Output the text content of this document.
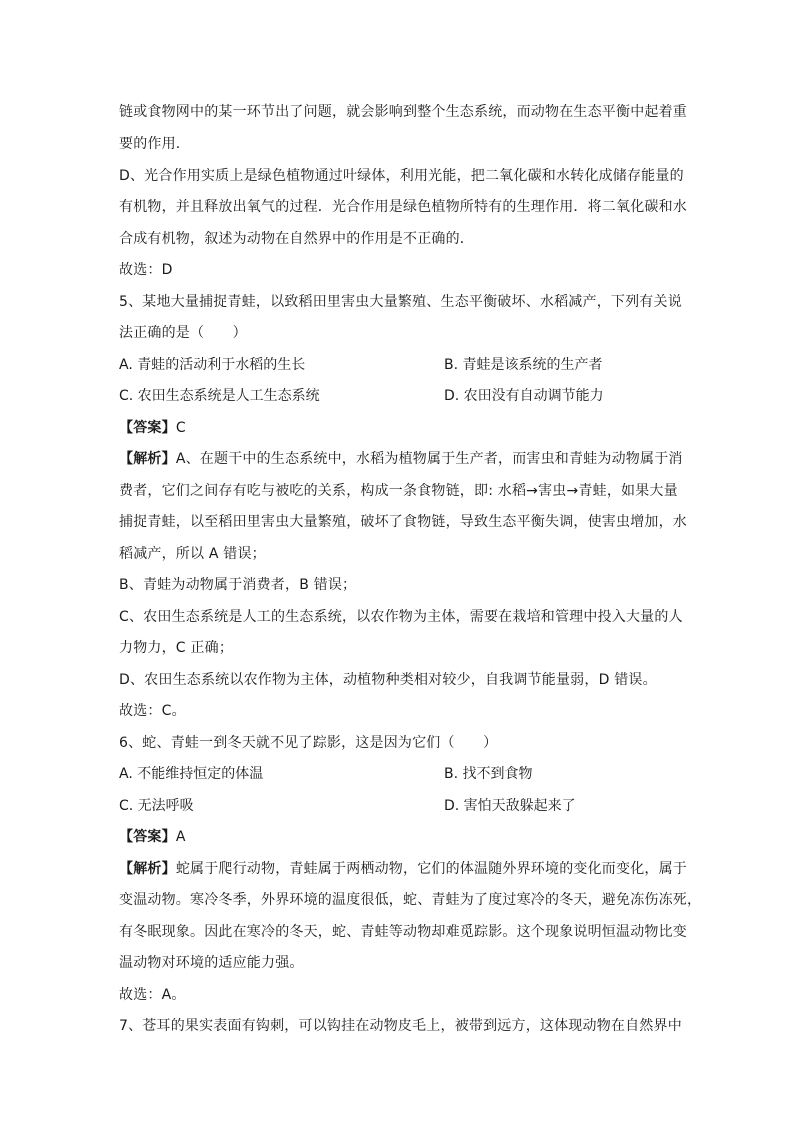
链或食物网中的某一环节出了问题，就会影响到整个生态系统，而动物在生态平衡中起着重
要的作用.
D、光合作用实质上是绿色植物通过叶绿体，利用光能，把二氧化碳和水转化成储存能量的
有机物，并且释放出氧气的过程．光合作用是绿色植物所特有的生理作用．将二氧化碳和水
合成有机物，叙述为动物在自然界中的作用是不正确的．
故选：D
5、某地大量捕捉青蛙，以致稻田里害虫大量繁殖、生态平衡破坏、水稻减产，下列有关说
法正确的是（　　）
A. 青蛙的活动利于水稻的生长	B. 青蛙是该系统的生产者
C. 农田生态系统是人工生态系统	D. 农田没有自动调节能力
【答案】C
【解析】A、在题干中的生态系统中，水稻为植物属于生产者，而害虫和青蛙为动物属于消
费者，它们之间存有吃与被吃的关系，构成一条食物链，即: 水稻→害虫→青蛙，如果大量
捕捉青蛙，以至稻田里害虫大量繁殖，破坏了食物链，导致生态平衡失调，使害虫增加，水
稻减产，所以 A 错误；
B、青蛙为动物属于消费者，B 错误；
C、农田生态系统是人工的生态系统，以农作物为主体，需要在栽培和管理中投入大量的人
力物力，C 正确；
D、农田生态系统以农作物为主体，动植物种类相对较少，自我调节能量弱，D 错误。
故选：C。
6、蛇、青蛙一到冬天就不见了踪影，这是因为它们（　　）
A. 不能维持恒定的体温	B. 找不到食物
C. 无法呼吸	D. 害怕天敌躲起来了
【答案】A
【解析】蛇属于爬行动物，青蛙属于两栖动物，它们的体温随外界环境的变化而变化，属于
变温动物。寒冷冬季，外界环境的温度很低，蛇、青蛙为了度过寒冷的冬天，避免冻伤冻死，
有冬眠现象。因此在寒冷的冬天，蛇、青蛙等动物却难觅踪影。这个现象说明恒温动物比变
温动物对环境的适应能力强。
故选：A。
7、苍耳的果实表面有钩刺，可以钩挂在动物皮毛上，被带到远方，这体现动物在自然界中
